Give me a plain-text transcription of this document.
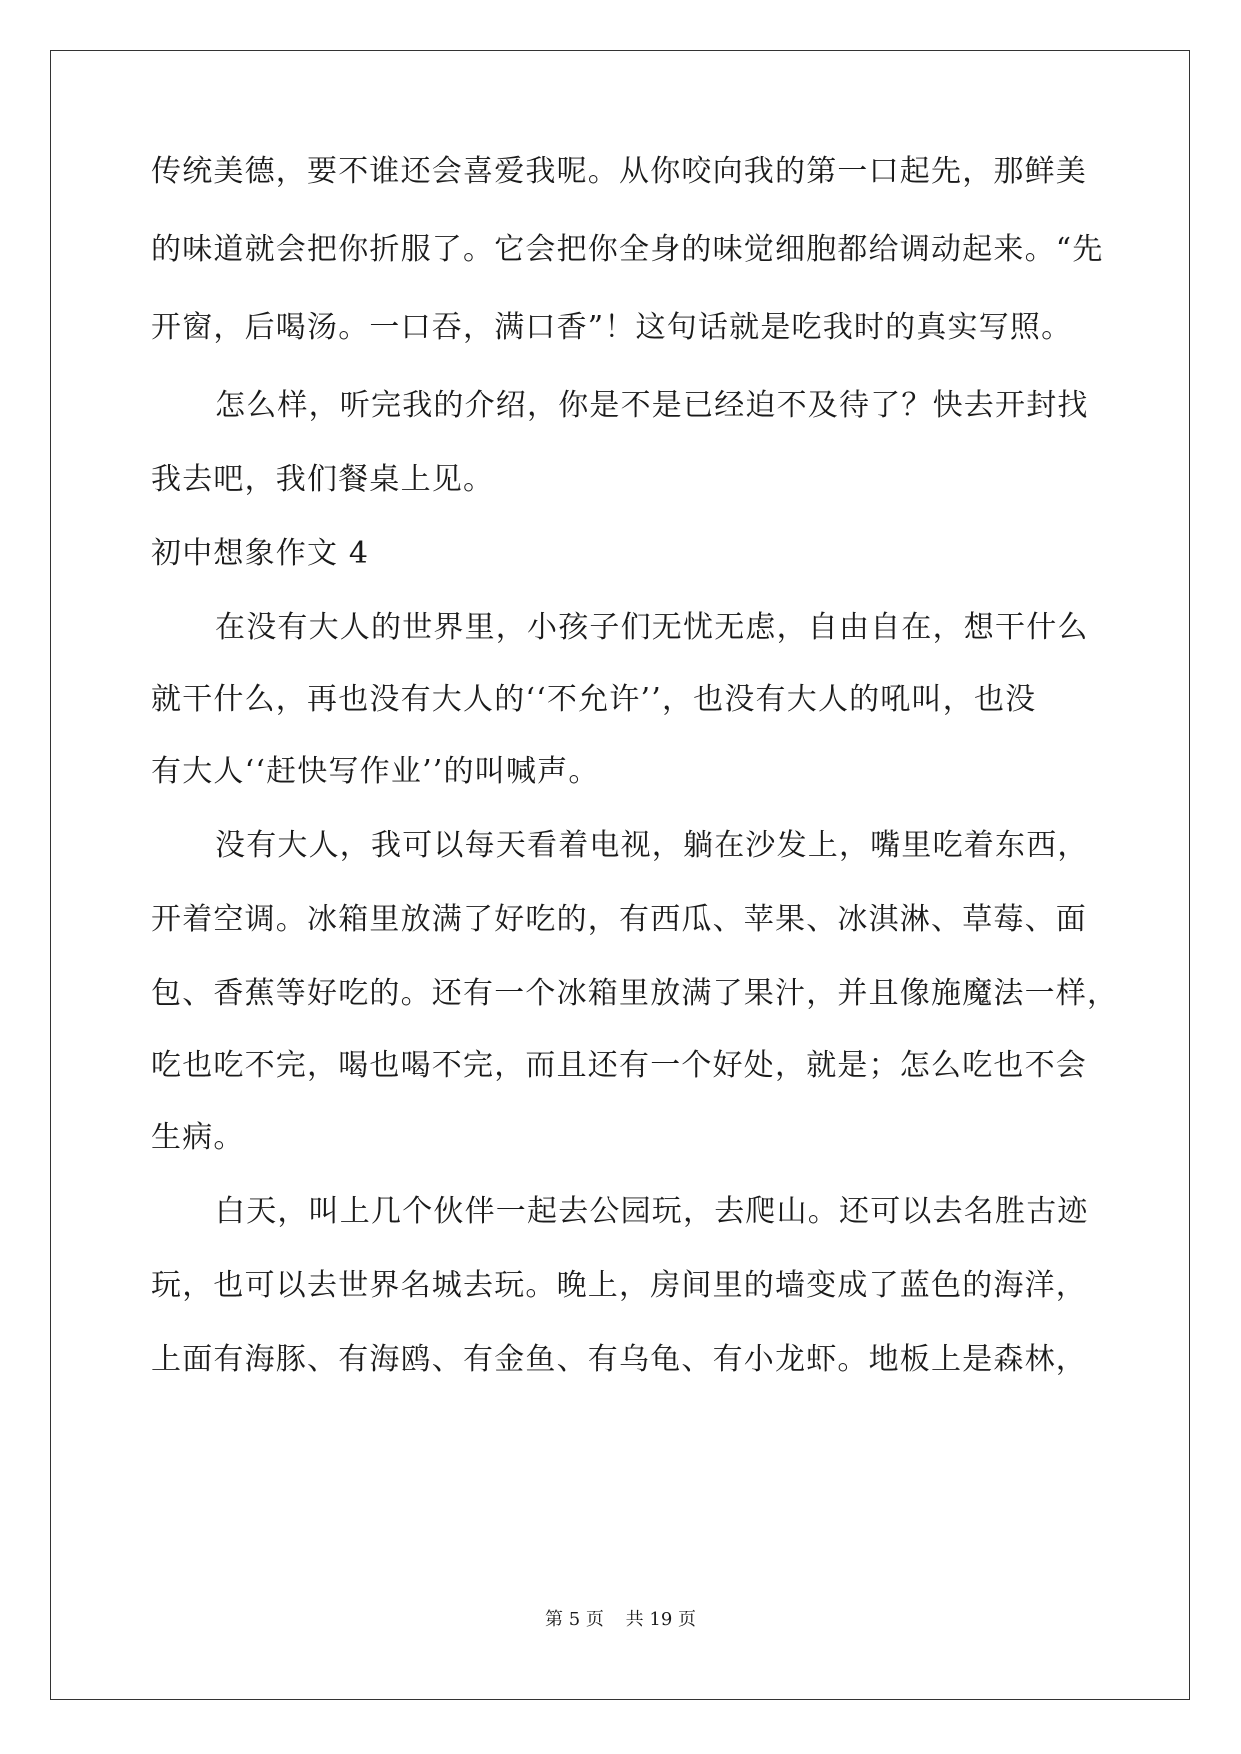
传统美德，要不谁还会喜爱我呢。从你咬向我的第一口起先，那鲜美

的味道就会把你折服了。它会把你全身的味觉细胞都给调动起来。“先

开窗，后喝汤。一口吞，满口香”！这句话就是吃我时的真实写照。

怎么样，听完我的介绍，你是不是已经迫不及待了？快去开封找

我去吧，我们餐桌上见。

初中想象作文 4

在没有大人的世界里，小孩子们无忧无虑，自由自在，想干什么

就干什么，再也没有大人的‘‘不允许’’，也没有大人的吼叫，也没

有大人‘‘赶快写作业’’的叫喊声。

没有大人，我可以每天看着电视，躺在沙发上，嘴里吃着东西，

开着空调。冰箱里放满了好吃的，有西瓜、苹果、冰淇淋、草莓、面

包、香蕉等好吃的。还有一个冰箱里放满了果汁，并且像施魔法一样，

吃也吃不完，喝也喝不完，而且还有一个好处，就是；怎么吃也不会

生病。

白天，叫上几个伙伴一起去公园玩，去爬山。还可以去名胜古迹

玩，也可以去世界名城去玩。晚上，房间里的墙变成了蓝色的海洋，

上面有海豚、有海鸥、有金鱼、有乌龟、有小龙虾。地板上是森林，

第 5 页 共 19 页
